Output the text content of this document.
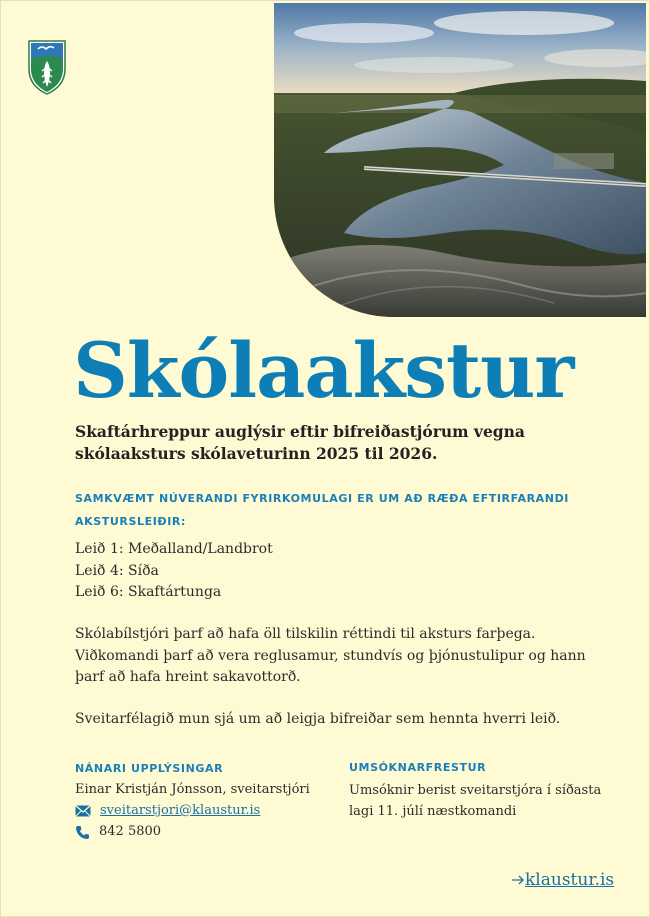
Skólaakstur

Skaftárhreppur auglýsir eftir bifreiðastjórum vegna skólaaksturs skólaveturinn 2025 til 2026.

SAMKVÆMT NÚVERANDI FYRIRKOMULAGI ER UM AÐ RÆÐA EFTIRFARANDI AKSTURSLEIÐIR:

Leið 1: Meðalland/Landbrot
Leið 4: Síða
Leið 6: Skaftártunga

Skólabílstjóri þarf að hafa öll tilskilin réttindi til aksturs farþega. Viðkomandi þarf að vera reglusamur, stundvís og þjónustulipur og hann þarf að hafa hreint sakavottorð.

Sveitarfélagið mun sjá um að leigja bifreiðar sem hennta hverri leið.

NÁNARI UPPLÝSINGAR	UMSÓKNARFRESTUR

Einar Kristján Jónsson, sveitarstjóri

sveitarstjori@klaustur.is
842 5800

Umsóknir berist sveitarstjóra í síðasta lagi 11. júlí næstkomandi

klaustur.is
